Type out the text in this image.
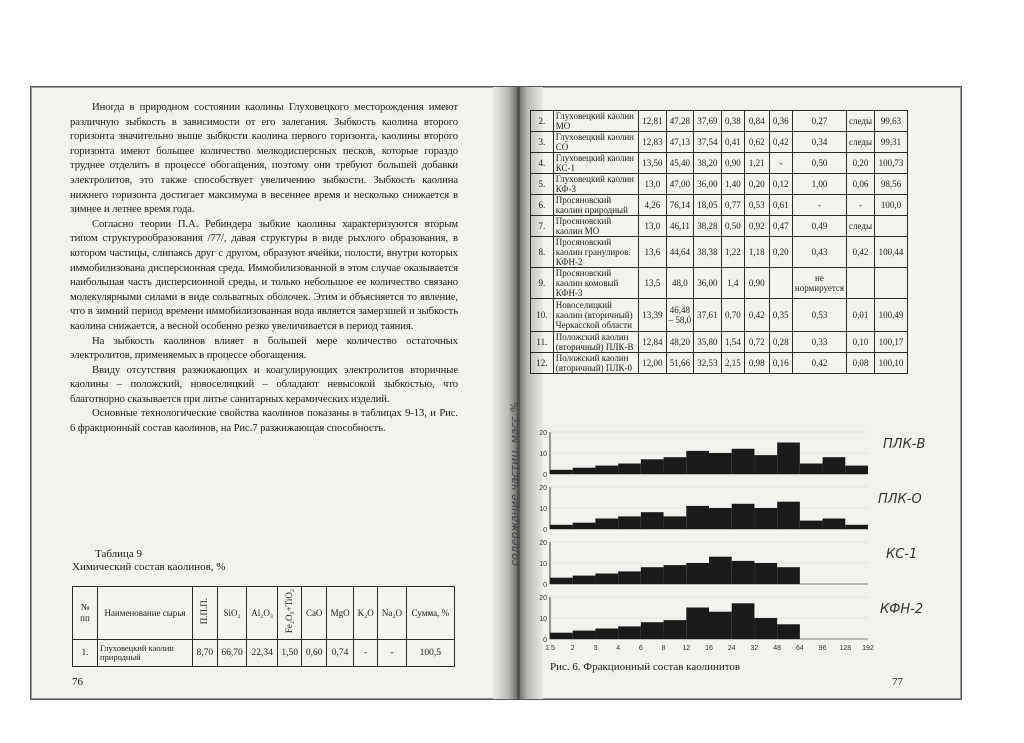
Иногда в природном состоянии каолины Глуховецкого месторождения имеют различную зыбкость в зависимости от его залегания. Зыбкость каолина второго горизонта значительно выше зыбкости каолина первого горизонта, каолины второго горизонта имеют большее количество мелкодисперсных песков, которые гораздо труднее отделить в процессе обогащения, поэтому они требуют большей добавки электролитов, это также способствует увеличению зыбкости. Зыбкость каолина нижнего горизонта достигает максимума в весеннее время и несколько снижается в зимнее и летнее время года.

Согласно теории П.А. Ребиндера зыбкие каолины характеризуются вторым типом структурообразования /77/, давая структуры в виде рыхлого образования, в котором частицы, слипаясь друг с другом, образуют ячейки, полости, внутри которых иммобилизована дисперсионная среда. Иммобилизованной в этом случае оказывается наибольшая часть дисперсионной среды, и только небольшое ее количество связано молекулярными силами в виде сольватных оболочек. Этим и объясняется то явление, что в зимний период времени иммобилизованная вода является замерзшей и зыбкость каолина снижается, а весной особенно резко увеличивается в период таяния.

На зыбкость каолинов влияет в большей мере количество остаточных электролитов, применяемых в процессе обогащения.

Ввиду отсутствия разжижающих и коагулирующих электролитов вторичные каолины – положский, новоселицкий – обладают невысокой зыбкостью, что благотворно сказывается при литье санитарных керамических изделий.

Основные технологические свойства каолинов показаны в таблицах 9-13, и Рис. 6 фракционный состав каолинов, на Рис.7 разжижающая способность.

Таблица 9
Химический состав каолинов, %
№ пп	Наименование сырья	П.П.П.	SiO₂	Al₂O₃	Fe₂O₃+TiO₂	CaO	MgO	K₂O	Na₂O	Сумма, %
1.	Глуховецкий каолин природный	8,70	66,70	22,34	1,50	0,60	0,74	-	-	100,5
76
2.	Глуховецкий каолин МО	12,81	47,28	37,69	0,38	0,84	0,36	0,27	следы	99,63
3.	Глуховецкий каолин СО	12,83	47,13	37,54	0,41	0,62	0,42	0,34	следы	99,31
4.	Глуховецкий каолин КС-1	13,50	45,40	38,20	0,90	1,21	-	0,50	0,20	100,73
5.	Глуховецкий каолин КФ-3	13,0	47,00	36,00	1,40	0,20	0,12	1,00	0,06	98,56
6.	Просяновский каолин природный	4,26	76,14	18,05	0,77	0,53	0,61	-	-	100,0
7.	Просяновский каолин МО	13,0	46,11	38,28	0,50	0,92	0,47	0,49	следы	
8.	Просяновский каолин гранулиров. КФН-2	13,6	44,64	38,38	1,22	1,18	0,20	0,43	0,42	100,44
9.	Просяновский каолин комовый КФН-3	13,5	48,0	36,00	1,4	0,90		не нормируется		
10.	Новоселицкий каолин (вторичный) Черкасской области	13,39	46,48 – 58,0	37,61	0,70	0,42	0,35	0,53	0,01	100,49
11.	Положский каолин (вторичный) ПЛК-В	12,84	48,20	35,80	1,54	0,72	0,28	0,33	0,10	100,17
12.	Положский каолин (вторичный) ПЛК-0	12,00	51,66	32,53	2,15	0,98	0,16	0,42	0,08	100,10
содержание частиц, масс %	0
10
20
ПЛК-В
0
10
20
ПЛК-О
0
10
20
КС-1
0
10
20
КФН-2
1.5 2	3	4	6	8 12 16 24 32 48 64 96 128 192
Рис. 6. Фракционный состав каолинитов
77
